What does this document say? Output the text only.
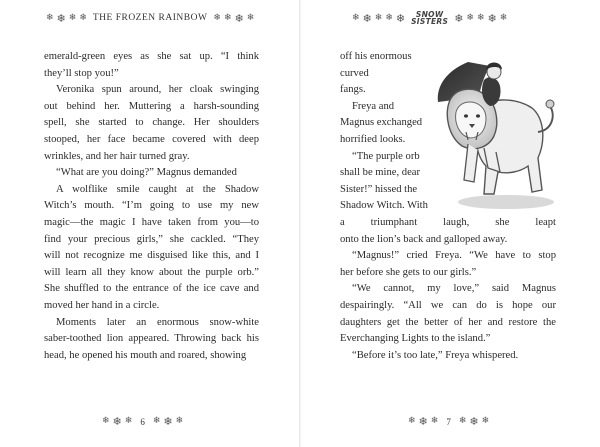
❄ ❄ ❄ ❄ THE FROZEN RAINBOW ❄ ❄ ❄ ❄

emerald-green eyes as she sat up. “I think
they’ll stop you!”

Veronika spun around, her cloak swinging
out behind her. Muttering a harsh-sounding
spell, she started to change. Her shoulders
stooped, her face became covered with deep
wrinkles, and her hair turned gray.

“What are you doing?” Magnus demanded

A wolflike smile caught at the Shadow
Witch’s mouth. “I’m going to use my new
magic—the magic I have taken from you—to
find your precious girls,” she cackled. “They
will not recognize me disguised like this, and I
will learn all they know about the purple orb.”
She shuffled to the entrance of the ice cave and
moved her hand in a circle.

Moments later an enormous snow-white
saber-toothed lion appeared. Throwing back his
head, he opened his mouth and roared, showing

❄ ❄ ❄ 6 ❄ ❄ ❄
❄ ❄ ❄ ❄ ❄	SNOW
SISTERS ❄ ❄ ❄ ❄ ❄
off his enormous curved
fangs.
Freya and
Magnus exchanged
horrified looks.
“The purple orb
shall be mine, dear
Sister!” hissed the
Shadow Witch. With

a triumphant laugh, she leapt
onto the lion’s back and galloped away.

“Magnus!” cried Freya. “We have to stop
her before she gets to our girls.”

“We cannot, my love,” said Magnus
despairingly. “All we can do is hope our
daughters get the better of her and restore the
Everchanging Lights to the island.”

“Before it’s too late,” Freya whispered.

❄ ❄ ❄ 7 ❄ ❄ ❄
